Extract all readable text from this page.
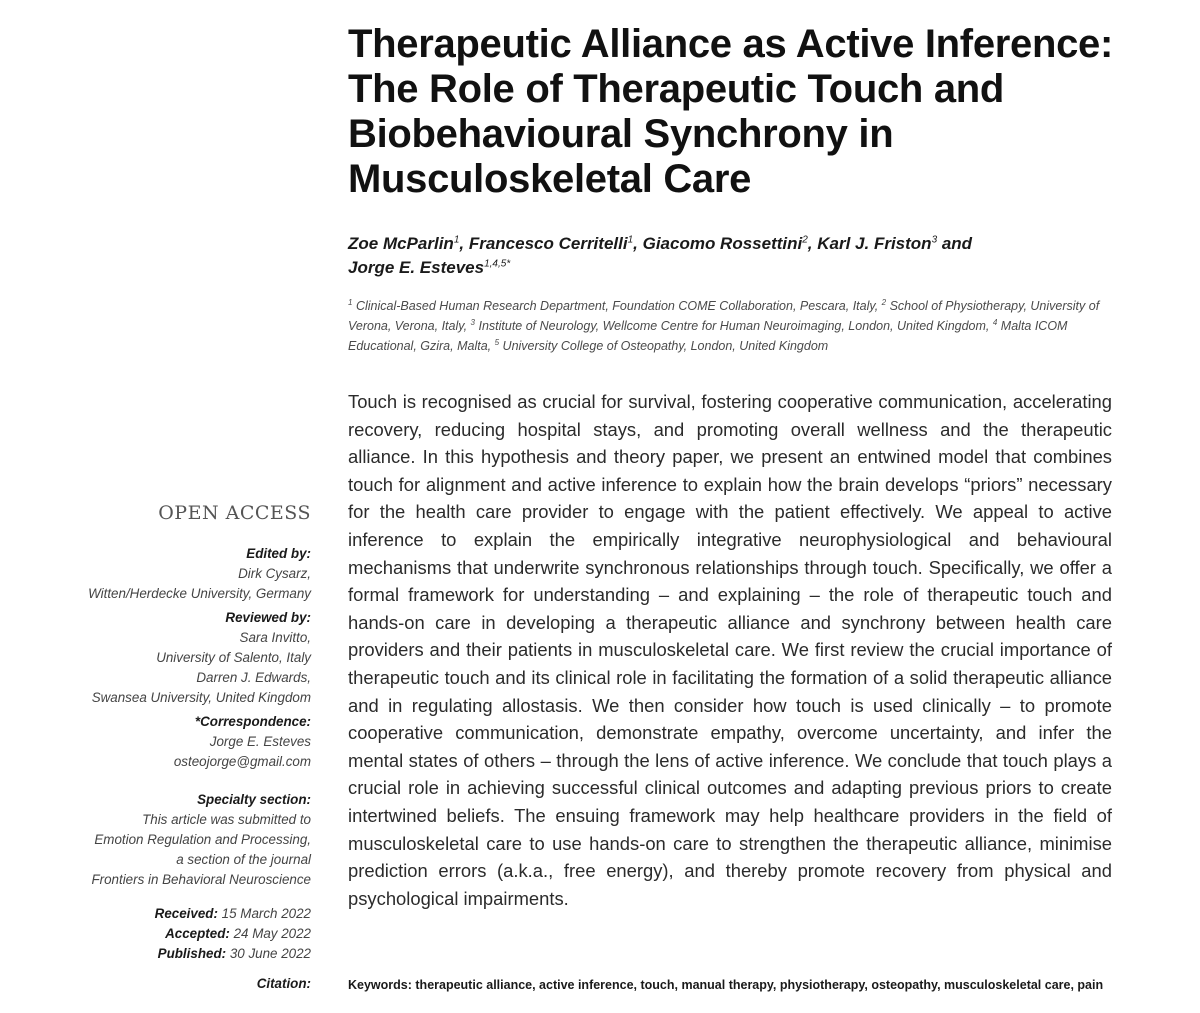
Therapeutic Alliance as Active Inference: The Role of Therapeutic Touch and Biobehavioural Synchrony in Musculoskeletal Care
Zoe McParlin$^1$, Francesco Cerritelli$^1$, Giacomo Rossettini$^2$, Karl J. Friston$^3$ and
Jorge E. Esteves$^{1,4,5*}$
$^1$ Clinical-Based Human Research Department, Foundation COME Collaboration, Pescara, Italy, $^2$ School of Physiotherapy, University of Verona, Verona, Italy, $^3$ Institute of Neurology, Wellcome Centre for Human Neuroimaging, London, United Kingdom, $^4$ Malta ICOM Educational, Gzira, Malta, $^5$ University College of Osteopathy, London, United Kingdom

Touch is recognised as crucial for survival, fostering cooperative communication, accelerating recovery, reducing hospital stays, and promoting overall wellness and the therapeutic alliance. In this hypothesis and theory paper, we present an entwined model that combines touch for alignment and active inference to explain how the brain develops “priors” necessary for the health care provider to engage with the patient effectively. We appeal to active inference to explain the empirically integrative neurophysiological and behavioural mechanisms that underwrite synchronous relationships through touch. Specifically, we offer a formal framework for understanding – and explaining – the role of therapeutic touch and hands-on care in developing a therapeutic alliance and synchrony between health care providers and their patients in musculoskeletal care. We first review the crucial importance of therapeutic touch and its clinical role in facilitating the formation of a solid therapeutic alliance and in regulating allostasis. We then consider how touch is used clinically – to promote cooperative communication, demonstrate empathy, overcome uncertainty, and infer the mental states of others – through the lens of active inference. We conclude that touch plays a crucial role in achieving successful clinical outcomes and adapting previous priors to create intertwined beliefs. The ensuing framework may help healthcare providers in the field of musculoskeletal care to use hands-on care to strengthen the therapeutic alliance, minimise prediction errors (a.k.a., free energy), and thereby promote recovery from physical and psychological impairments.

Keywords: therapeutic alliance, active inference, touch, manual therapy, physiotherapy, osteopathy, musculoskeletal care, pain
OPEN ACCESS
Edited by:
Dirk Cysarz,
Witten/Herdecke University, Germany
Reviewed by:
Sara Invitto,
University of Salento, Italy
Darren J. Edwards,
Swansea University, United Kingdom
*Correspondence:
Jorge E. Esteves
osteojorge@gmail.com
Specialty section:
This article was submitted to
Emotion Regulation and Processing,
a section of the journal
Frontiers in Behavioral Neuroscience
Received: 15 March 2022
Accepted: 24 May 2022
Published: 30 June 2022
Citation:
